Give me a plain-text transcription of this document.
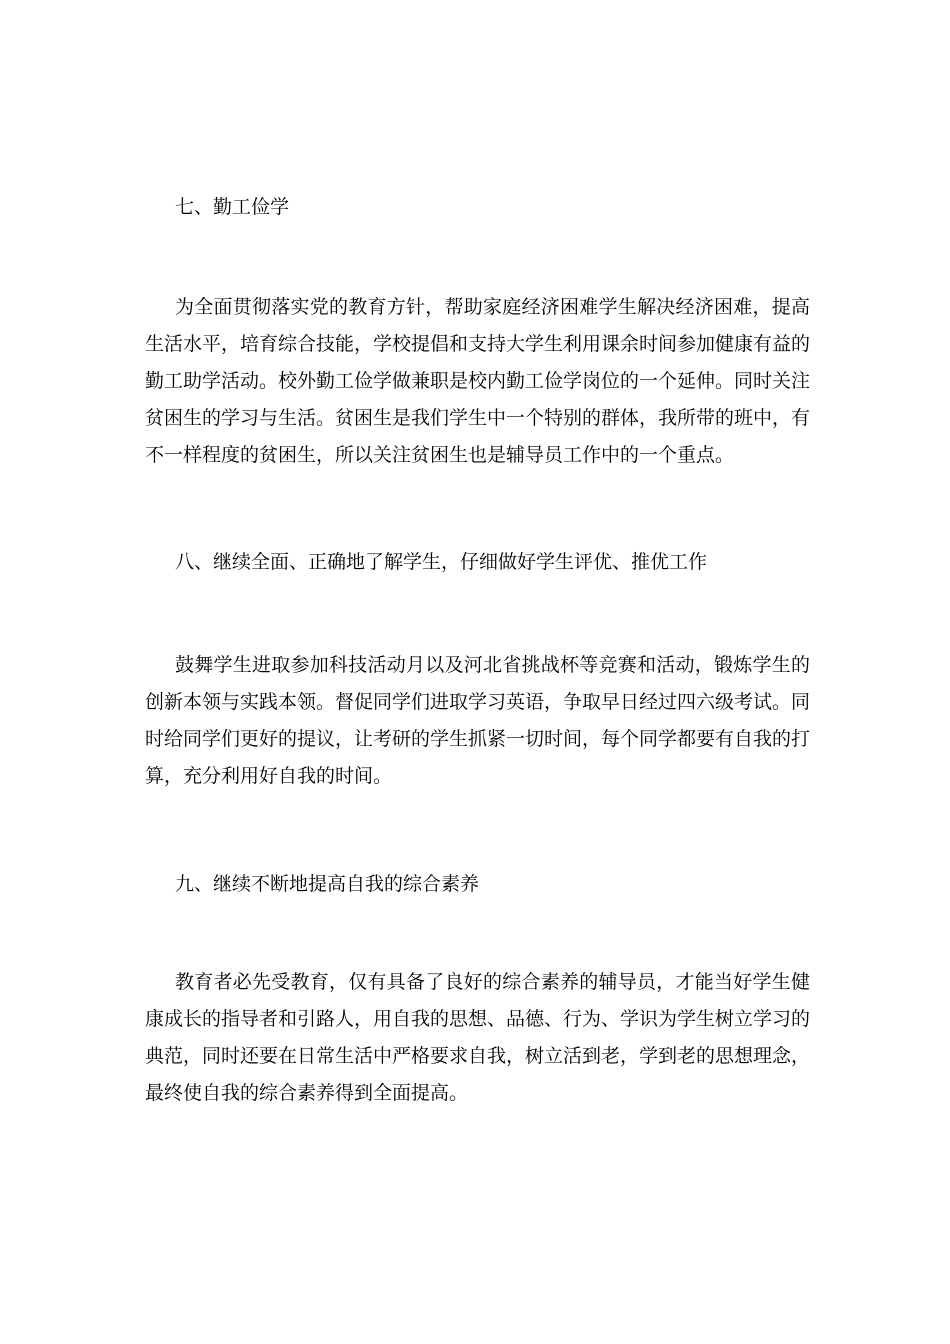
七、勤工俭学

为全面贯彻落实党的教育方针，帮助家庭经济困难学生解决经济困难，提高生活水平，培育综合技能，学校提倡和支持大学生利用课余时间参加健康有益的勤工助学活动。校外勤工俭学做兼职是校内勤工俭学岗位的一个延伸。同时关注贫困生的学习与生活。贫困生是我们学生中一个特别的群体，我所带的班中，有不一样程度的贫困生，所以关注贫困生也是辅导员工作中的一个重点。

八、继续全面、正确地了解学生，仔细做好学生评优、推优工作

鼓舞学生进取参加科技活动月以及河北省挑战杯等竞赛和活动，锻炼学生的创新本领与实践本领。督促同学们进取学习英语，争取早日经过四六级考试。同时给同学们更好的提议，让考研的学生抓紧一切时间，每个同学都要有自我的打算，充分利用好自我的时间。

九、继续不断地提高自我的综合素养

教育者必先受教育，仅有具备了良好的综合素养的辅导员，才能当好学生健康成长的指导者和引路人，用自我的思想、品德、行为、学识为学生树立学习的典范，同时还要在日常生活中严格要求自我，树立活到老，学到老的思想理念，最终使自我的综合素养得到全面提高。
